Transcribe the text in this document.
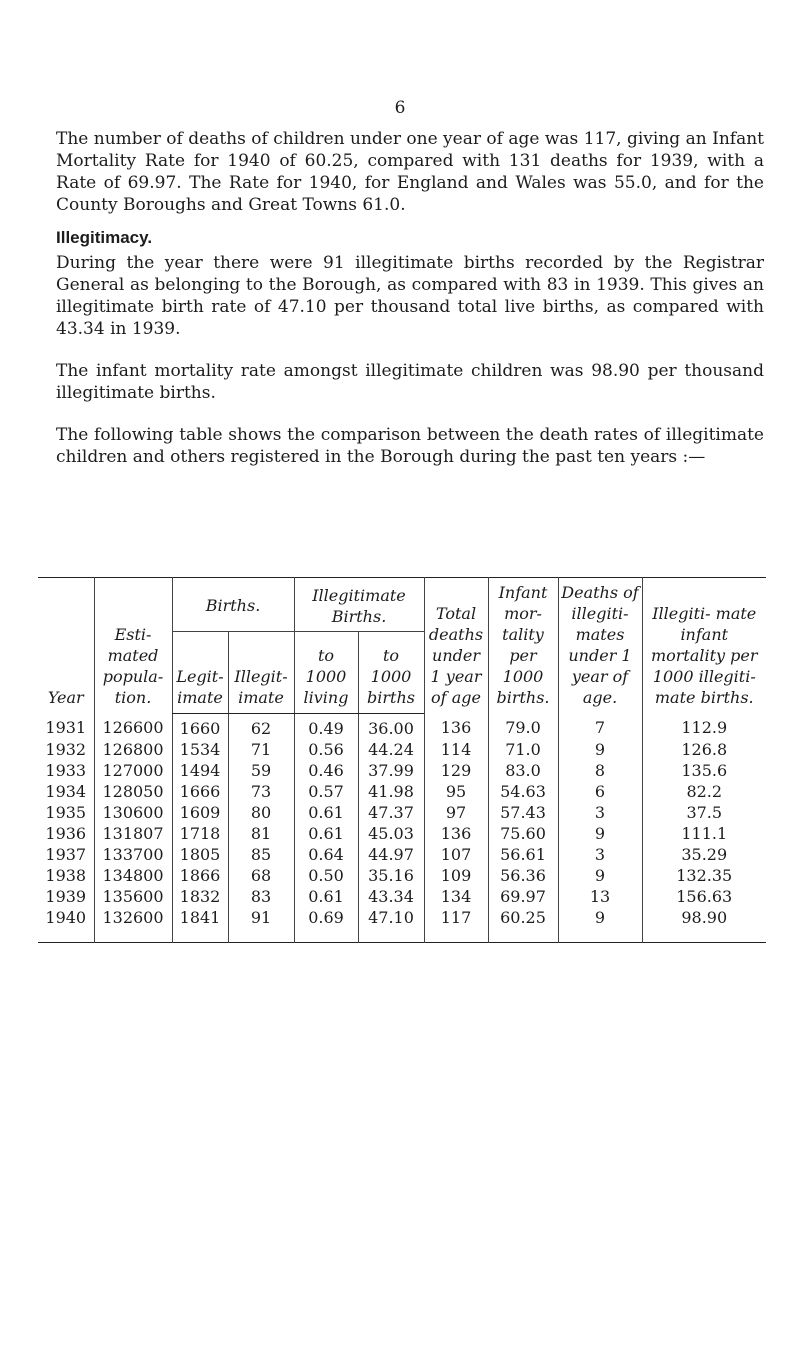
6

The number of deaths of children under one year of age was 117, giving an Infant Mortality Rate for 1940 of 60.25, compared with 131 deaths for 1939, with a Rate of 69.97. The Rate for 1940, for England and Wales was 55.0, and for the County Boroughs and Great Towns 61.0.

Illegitimacy.

During the year there were 91 illegitimate births recorded by the Registrar General as belonging to the Borough, as compared with 83 in 1939. This gives an illegitimate birth rate of 47.10 per thousand total live births, as compared with 43.34 in 1939.

The infant mortality rate amongst illegitimate children was 98.90 per thousand illegitimate births.

The following table shows the comparison between the death rates of illegitimate children and others registered in the Borough during the past ten years :—

Year	Esti- mated popula- tion.	Births.		Illegitimate Births.		Total deaths under 1 year of age	Infant mor- tality per 1000 births.	Deaths of illegiti- mates under 1 year of age.	Illegiti- mate infant mortality per 1000 illegiti- mate births.
		Legit- imate	Illegit- imate	to 1000 living	to 1000 births				
1931	126600	1660	62	0.49	36.00	136	79.0	7	112.9
1932	126800	1534	71	0.56	44.24	114	71.0	9	126.8
1933	127000	1494	59	0.46	37.99	129	83.0	8	135.6
1934	128050	1666	73	0.57	41.98	95	54.63	6	82.2
1935	130600	1609	80	0.61	47.37	97	57.43	3	37.5
1936	131807	1718	81	0.61	45.03	136	75.60	9	111.1
1937	133700	1805	85	0.64	44.97	107	56.61	3	35.29
1938	134800	1866	68	0.50	35.16	109	56.36	9	132.35
1939	135600	1832	83	0.61	43.34	134	69.97	13	156.63
1940	132600	1841	91	0.69	47.10	117	60.25	9	98.90
